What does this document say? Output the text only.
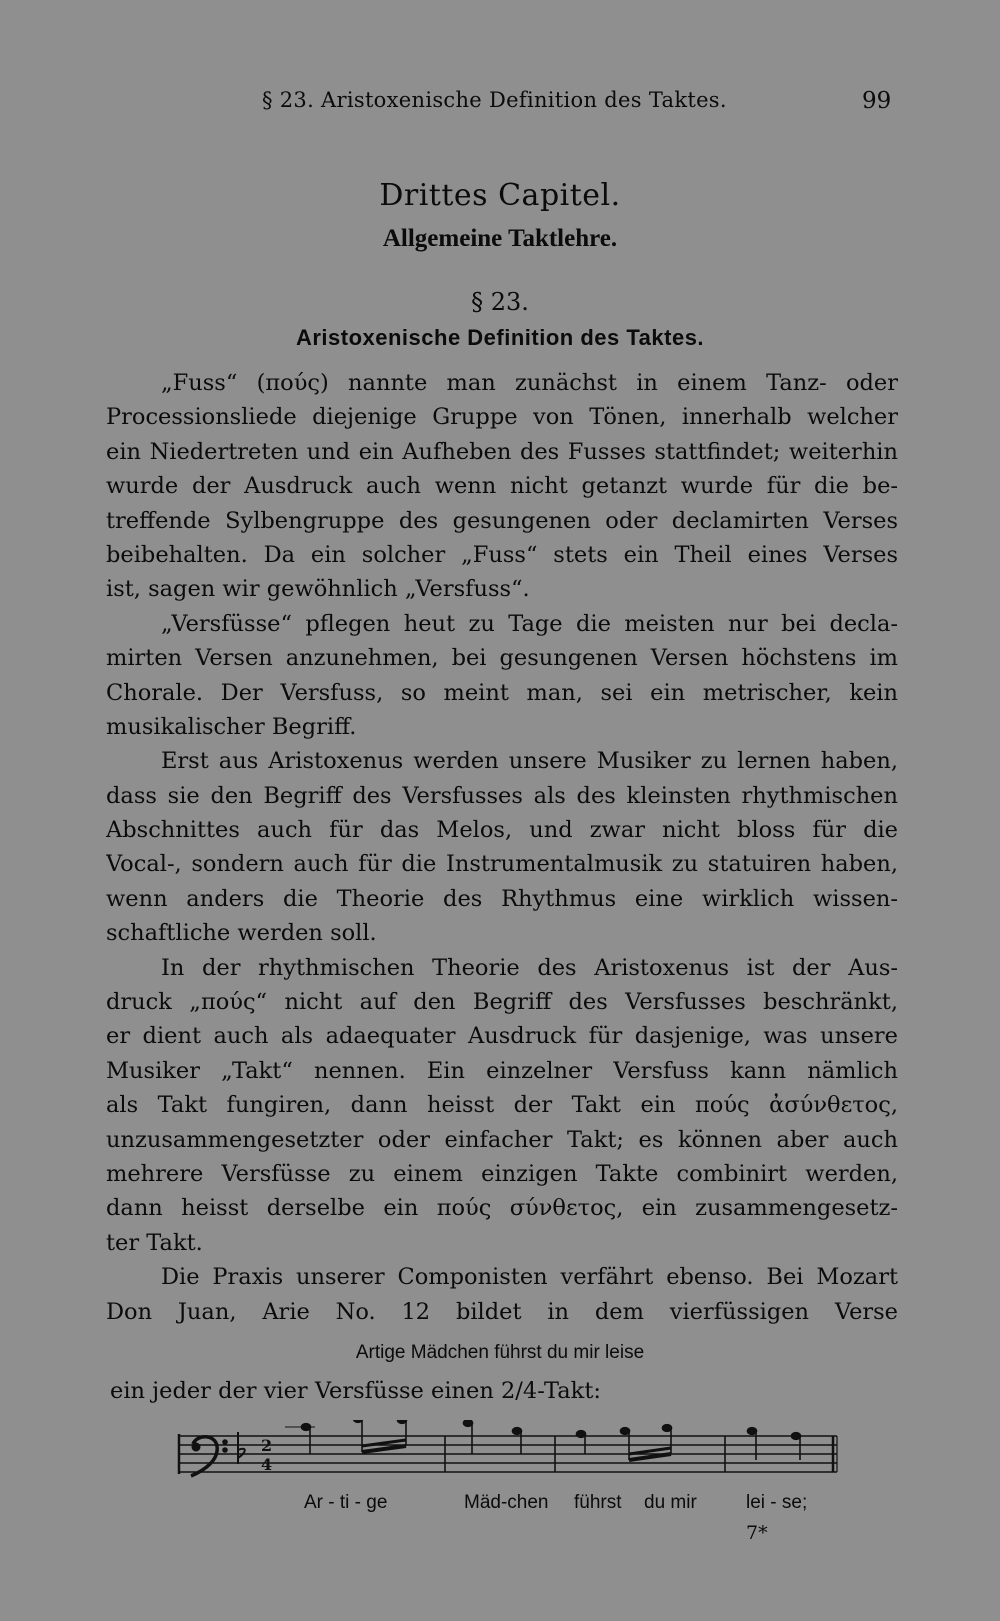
§ 23. Aristoxenische Definition des Taktes.	99
Drittes Capitel.
Allgemeine Taktlehre.
§ 23.
Aristoxenische Definition des Taktes.
„Fuss“ (πούς) nannte man zunächst in einem Tanz- oder
Processionsliede diejenige Gruppe von Tönen, innerhalb welcher
ein Niedertreten und ein Aufheben des Fusses stattfindet; weiterhin
wurde der Ausdruck auch wenn nicht getanzt wurde für die be-
treffende Sylbengruppe des gesungenen oder declamirten Verses
beibehalten. Da ein solcher „Fuss“ stets ein Theil eines Verses
ist, sagen wir gewöhnlich „Versfuss“.
„Versfüsse“ pflegen heut zu Tage die meisten nur bei decla-
mirten Versen anzunehmen, bei gesungenen Versen höchstens im
Chorale. Der Versfuss, so meint man, sei ein metrischer, kein
musikalischer Begriff.
Erst aus Aristoxenus werden unsere Musiker zu lernen haben,
dass sie den Begriff des Versfusses als des kleinsten rhythmischen
Abschnittes auch für das Melos, und zwar nicht bloss für die
Vocal-, sondern auch für die Instrumentalmusik zu statuiren haben,
wenn anders die Theorie des Rhythmus eine wirklich wissen-
schaftliche werden soll.
In der rhythmischen Theorie des Aristoxenus ist der Aus-
druck „πούς“ nicht auf den Begriff des Versfusses beschränkt,
er dient auch als adaequater Ausdruck für dasjenige, was unsere
Musiker „Takt“ nennen. Ein einzelner Versfuss kann nämlich
als Takt fungiren, dann heisst der Takt ein πούς ἀσύνθετος,
unzusammengesetzter oder einfacher Takt; es können aber auch
mehrere Versfüsse zu einem einzigen Takte combinirt werden,
dann heisst derselbe ein πούς σύνθετος, ein zusammengesetz-
ter Takt.
Die Praxis unserer Componisten verfährt ebenso. Bei Mozart
Don Juan, Arie No. 12 bildet in dem vierfüssigen Verse
Artige Mädchen führst du mir leise
ein jeder der vier Versfüsse einen 2/4-Takt:
2
4
Ar - ti - ge	Mäd-chen führst du mir	lei - se;
7*
